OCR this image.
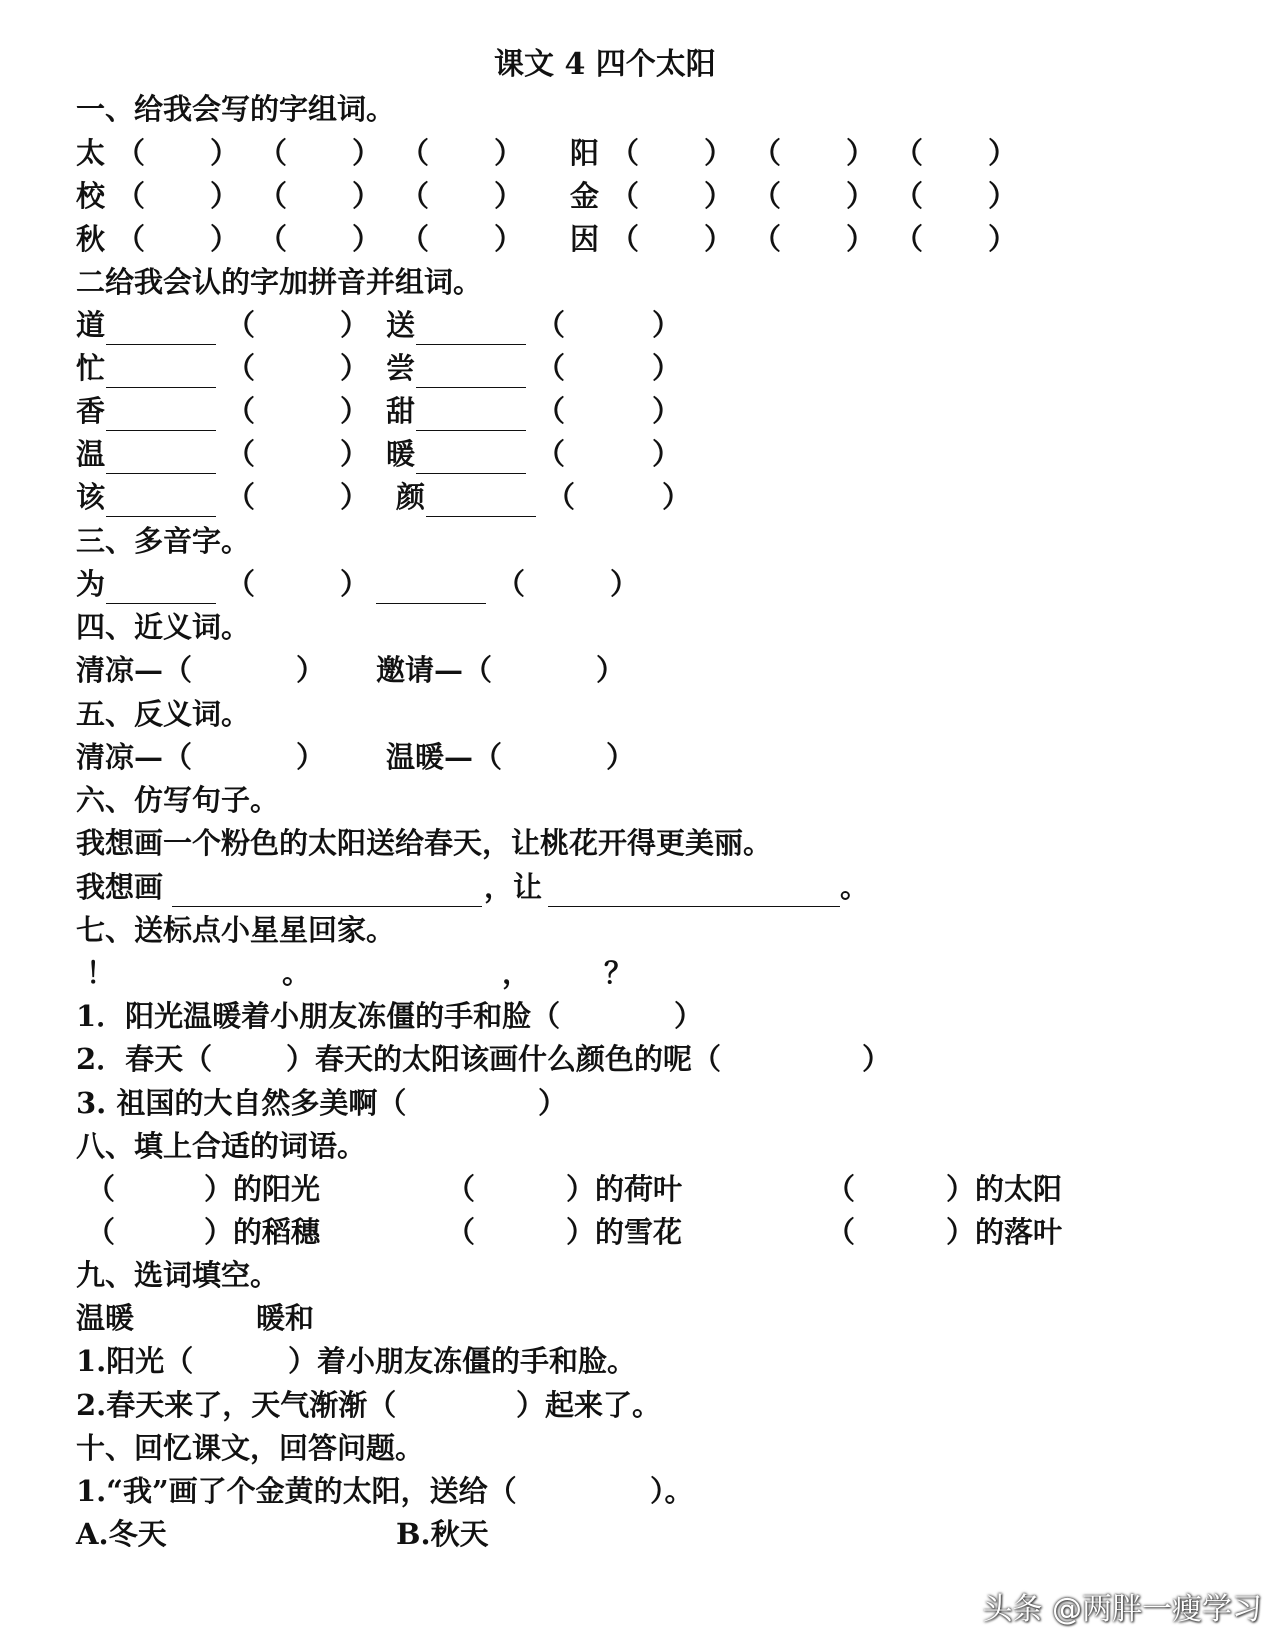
课文 4 四个太阳
一、给我会写的字组词。
太 （ ） （ ） （ ） 阳 （ ） （ ） （ ）
校 （ ） （ ） （ ） 金 （ ） （ ） （ ）
秋 （ ） （ ） （ ） 因 （ ） （ ） （ ）
二给我会认的字加拼音并组词。
道	（	） 送	（	）
忙	（	） 尝	（	）
香	（	） 甜	（	）
温	（	） 暖	（	）
该	（	） 颜	（	）
三、多音字。
为	（	）	（	）
四、近义词。
清凉—（	） 邀请—（	）
五、反义词。
清凉—（	） 温暖—（	）
六、仿写句子。
我想画一个粉色的太阳送给春天，让桃花开得更美丽。
我想画	，让	。
七、送标点小星星回家。
！	。	，	？
1．阳光温暖着小朋友冻僵的手和脸（	）
2．春天（	）春天的太阳该画什么颜色的呢（	）
3. 祖国的大自然多美啊（	）
八、填上合适的词语。
（	）的阳光	（	）的荷叶	（	）的太阳
（	）的稻穗	（	）的雪花	（	）的落叶
九、选词填空。
温暖	暖和
1.阳光（	）着小朋友冻僵的手和脸。
2.春天来了，天气渐渐（	）起来了。
十、回忆课文，回答问题。
1.“我”画了个金黄的太阳，送给（	）。
A.冬天	B.秋天
头条 @两胖一瘦学习
